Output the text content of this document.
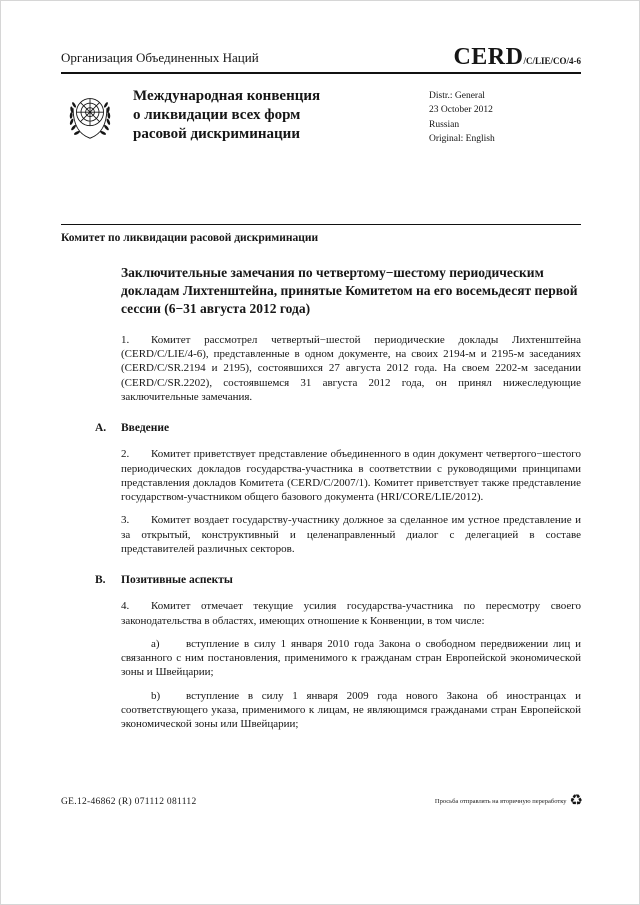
Организация Объединенных Наций	CERD /C/LIE/CO/4-6
Международная конвенция
о ликвидации всех форм
расовой дискриминации
Distr.: General
23 October 2012
Russian
Original: English
Комитет по ликвидации расовой дискриминации
Заключительные замечания по четвертому−шестому периодическим докладам Лихтенштейна, принятые Комитетом на его восемьдесят первой сессии (6−31 августа 2012 года)

1. Комитет рассмотрел четвертый−шестой периодические доклады Лихтенштейна (CERD/C/LIE/4-6), представленные в одном документе, на своих 2194-м и 2195-м заседаниях (CERD/C/SR.2194 и 2195), состоявшихся 27 августа 2012 года. На своем 2202-м заседании (CERD/C/SR.2202), состоявшемся 31 августа 2012 года, он принял нижеследующие заключительные замечания.

A.	Введение

2. Комитет приветствует представление объединенного в один документ четвертого−шестого периодических докладов государства-участника в соответствии с руководящими принципами представления докладов Комитета (CERD/C/2007/1). Комитет приветствует также представление государством-участником общего базового документа (HRI/CORE/LIE/2012).

3. Комитет воздает государству-участнику должное за сделанное им устное представление и за открытый, конструктивный и целенаправленный диалог с делегацией в составе представителей различных секторов.

B.	Позитивные аспекты

4. Комитет отмечает текущие усилия государства-участника по пересмотру своего законодательства в областях, имеющих отношение к Конвенции, в том числе:

a) вступление в силу 1 января 2010 года Закона о свободном передвижении лиц и связанного с ним постановления, применимого к гражданам стран Европейской экономической зоны и Швейцарии;

b) вступление в силу 1 января 2009 года нового Закона об иностранцах и соответствующего указа, применимого к лицам, не являющимся гражданами стран Европейской экономической зоны или Швейцарии;

GE.12-46862 (R) 071112 081112	Просьба отправлять на вторичную переработку ♻
